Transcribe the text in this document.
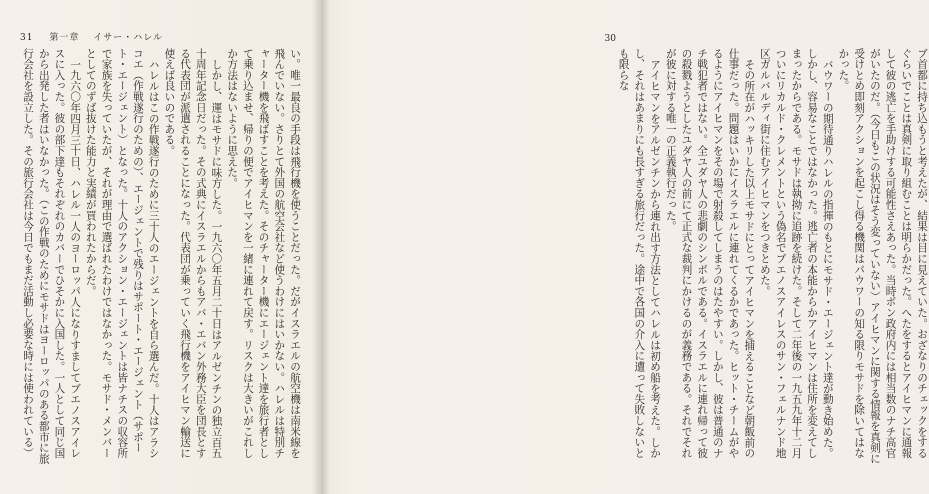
31 第一章 イサー・ハレル

い。唯一最良の手段は飛行機を使うことだった。だがイスラエルの航空機は南米線を飛んでいない。さりとて外国の航空会社など使うわけにはいかない。ハレルは特別チャーター機を飛ばすことを考えた。そのチャーター機にエージェント達を旅行者として乗り込ませ、帰りの便でアイヒマンを一緒に連れて戻す。リスクは大きいがこれしか方法はないように思えた。

しかし、運はモサドに味方した。一九六〇年五月二十日はアルゼンチンの独立百五十周年記念日だった。その式典にイスラエルからもアバ・エバン外務大臣を団長とする代表団が派遣されることになった。代表団が乗っていく飛行機をアイヒマン輸送に使えば良いのである。

ハレルはこの作戦遂行のために三十人のエージェントを自ら選んだ。十人はアラシコエ（作戦遂行のための）、エージェントで残りはサポート・エージェント（サポート・エージェント）となった。十人のアクション・エージェントは皆ナチスの収容所で家族を失っていたが、それが理由で選ばれたわけではなかった。モサド・メンバーとしてのずば抜けた能力と実績が買われたからだ。

一九六〇年四月三十日、ハレル一人のヨーロッパ人になりすましてブエノスアイレスに入った。彼の部下達もそれぞれのカバーでひそかに入国した。一人として同じ国から出発した者はいなかった。（この作戦のためにモサドはヨーロッパのある都市に旅行会社を設立した。その旅行会社は今日でもまだ活動し必要な時には使われている）

30

ブ首都に持ち込もうと考えたが、結果は目に見えていた。おざなりのチェックをするぐらいでことは真剣に取り組むことは明らかだった。へたをするとアイヒマンに通報して彼の逃亡を手助けする可能性さえあった。当時ボン政府内には相当数のナチ高官がいたのだ。（今日もこの状況はそう変っていない）アイヒマンに関する情報を真剣に受けとめ即刻アクションを起こし得る機関はパウワーの知る限りモサドを除いてはなかった。

バウワーの期待通りハレルの指揮のもとにモサド・エージェント達が動き始めた。しかし、容易なことではなかった。逃亡者の本能からかアイヒマンは住所を変えてしまったからである。モサドは執拗に追跡を続けた。そして二年後の一九五九年十二月ついにリカルド・クレメントという偽名でブエノスアイレスのサン・フェルナンド地区ガルバルディ街に住むアイヒマンをつきとめた。

その所在がハッキリした以上モサドにとってアイヒマンを捕えることなど朝飯前の仕事だった。問題はいかにイスラエルに連れてくるかであった。ヒット・チームがやるようにアイヒマンをその場で射殺してしまうのはたやすい。しかし、彼は普通のナチ戦犯者ではない。全ユダヤ人の悲劇のシンボルである。イスラエルに連れ帰って彼の殺戮ようとしたユダヤ人の前にて正式な裁判にかけるのが義務である。それでそれが彼に対する唯一の正義執行だった。

アイヒマンをアルゼンチンから連れ出す方法としてハレルは初め船を考えた。しかし、それはあまりにも長すぎる旅行だった。途中で各国の介入に遭って失敗しないとも限らな
